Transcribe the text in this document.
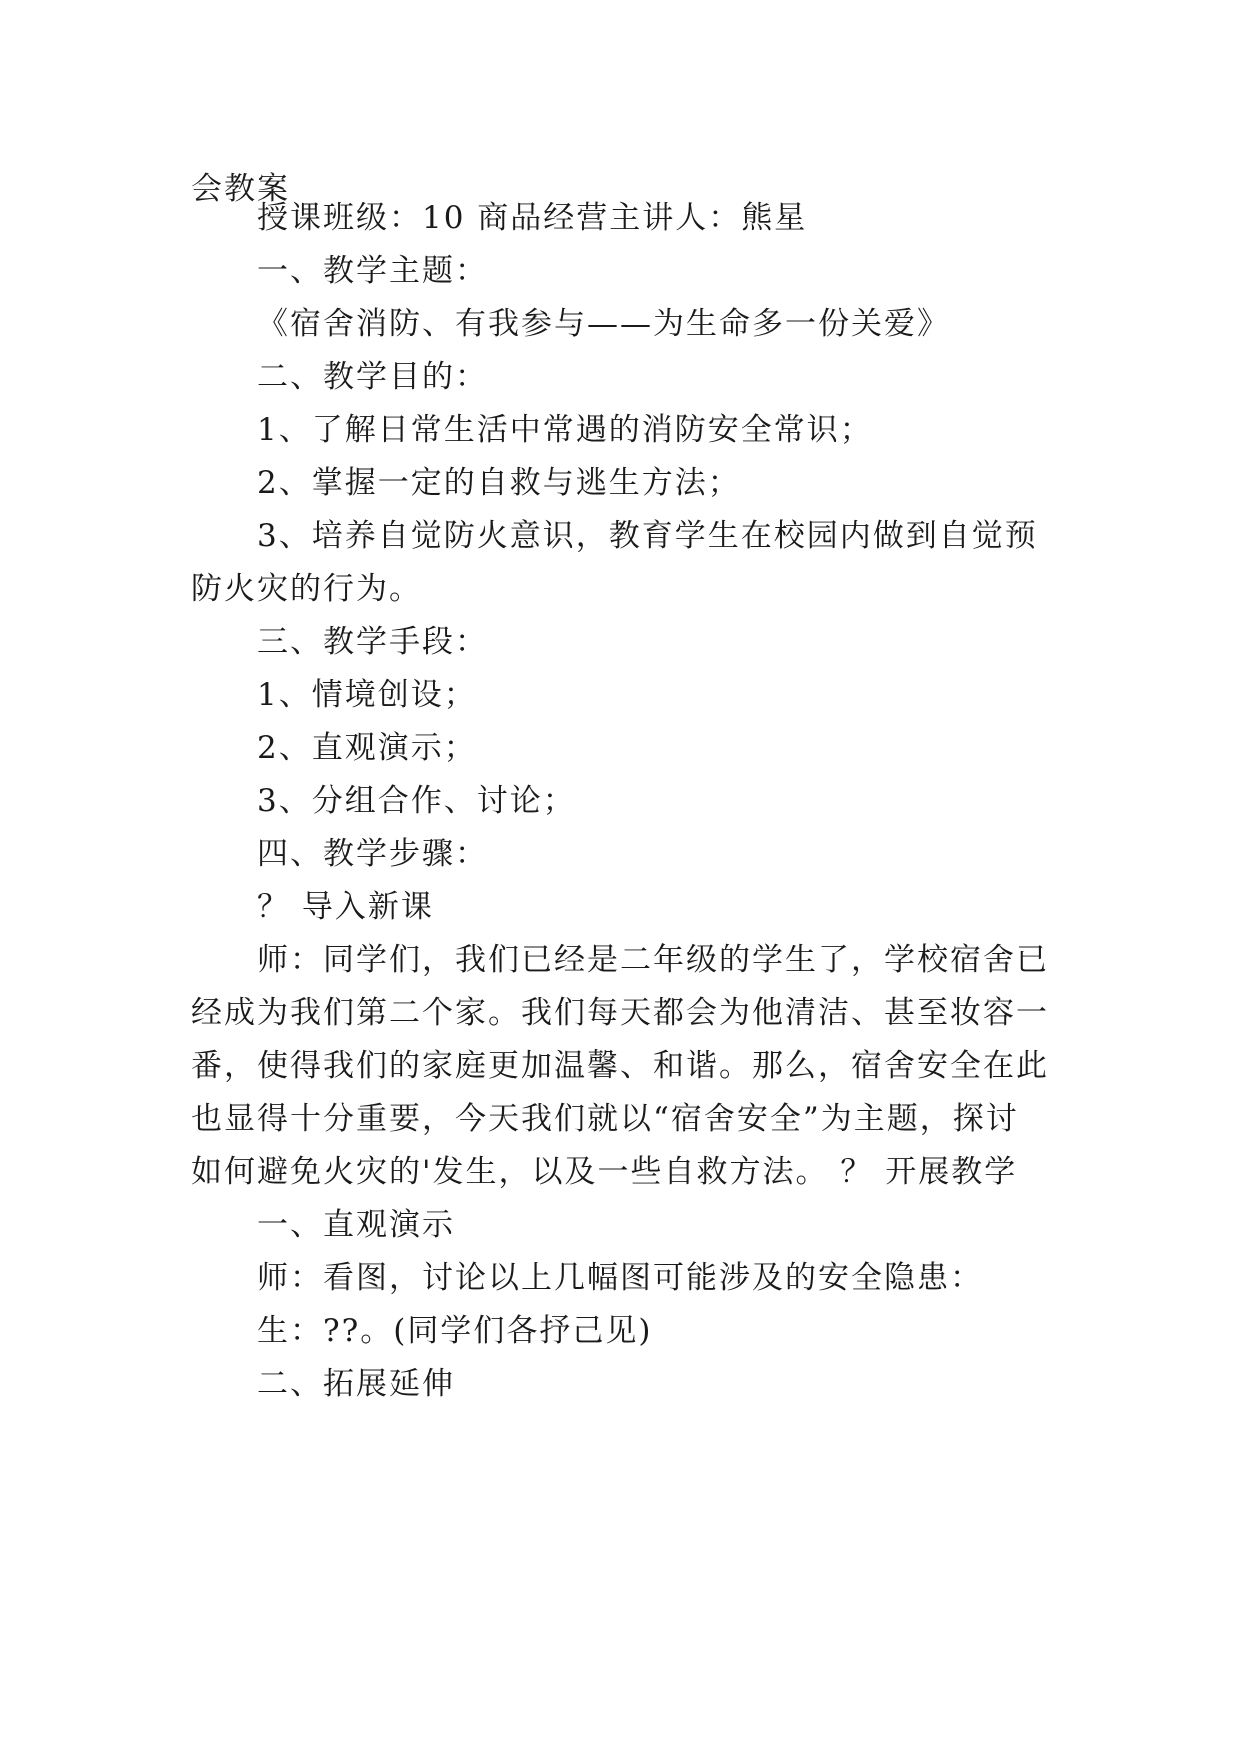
会教案
授课班级：10 商品经营主讲人：熊星
一、教学主题：
《宿舍消防、有我参与——为生命多一份关爱》
二、教学目的：
1、了解日常生活中常遇的消防安全常识；
2、掌握一定的自救与逃生方法；
3、培养自觉防火意识，教育学生在校园内做到自觉预
防火灾的行为。
三、教学手段：
1、情境创设；
2、直观演示；
3、分组合作、讨论；
四、教学步骤：
？ 导入新课
师：同学们，我们已经是二年级的学生了，学校宿舍已
经成为我们第二个家。我们每天都会为他清洁、甚至妆容一
番，使得我们的家庭更加温馨、和谐。那么，宿舍安全在此
也显得十分重要，今天我们就以“宿舍安全”为主题，探讨
如何避免火灾的'发生，以及一些自救方法。 ？ 开展教学
一、直观演示
师：看图，讨论以上几幅图可能涉及的安全隐患：
生：??。(同学们各抒己见)
二、拓展延伸
